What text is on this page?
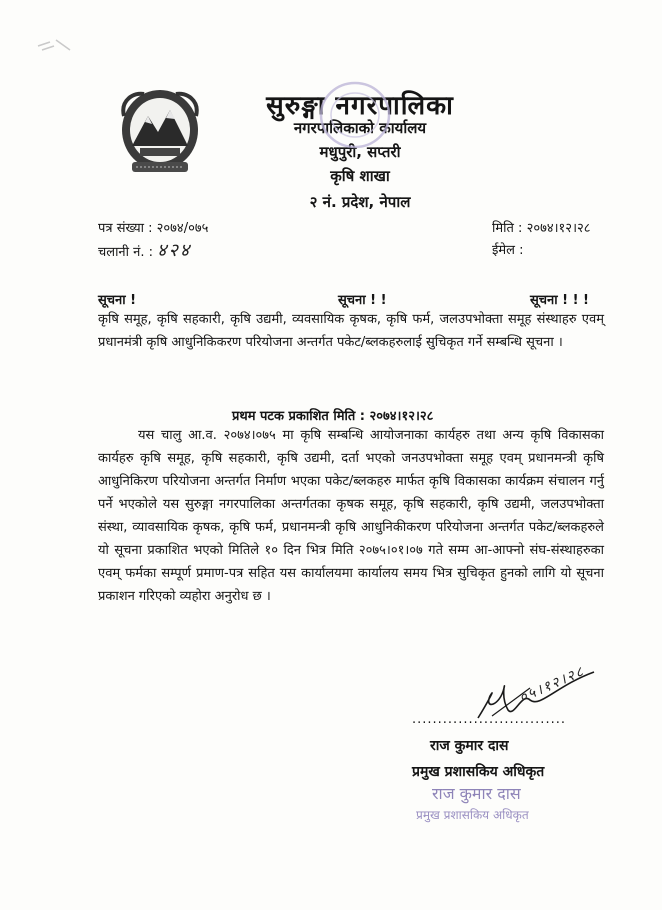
सुरुङ्गा नगरपालिका
नगरपालिकाको कार्यालय
मधुपुरी, सप्तरी
कृषि शाखा
२ नं. प्रदेश, नेपाल
पत्र संख्या : २०७४/०७५
चलानी नं. : ४२४
मिति : २०७४।१२।२८
ईमेल :
सूचना !	सूचना ! !	सूचना ! ! !
कृषि समूह, कृषि सहकारी, कृषि उद्यमी, व्यवसायिक कृषक, कृषि फर्म, जलउपभोक्ता समूह संस्थाहरु एवम् प्रधानमंत्री कृषि आधुनिकिकरण परियोजना अन्तर्गत पकेट/ब्लकहरुलाई सुचिकृत गर्ने सम्बन्धि सूचना ।
प्रथम पटक प्रकाशित मिति : २०७४।१२।२८
यस चालु आ.व. २०७४।०७५ मा कृषि सम्बन्धि आयोजनाका कार्यहरु तथा अन्य कृषि विकासका कार्यहरु कृषि समूह, कृषि सहकारी, कृषि उद्यमी, दर्ता भएको जनउपभोक्ता समूह एवम् प्रधानमन्त्री कृषि आधुनिकिरण परियोजना अन्तर्गत निर्माण भएका पकेट/ब्लकहरु मार्फत कृषि विकासका कार्यक्रम संचालन गर्नु पर्ने भएकोले यस सुरुङ्गा नगरपालिका अन्तर्गतका कृषक समूह, कृषि सहकारी, कृषि उद्यमी, जलउपभोक्ता संस्था, व्यावसायिक कृषक, कृषि फर्म, प्रधानमन्त्री कृषि आधुनिकीकरण परियोजना अन्तर्गत पकेट/ब्लकहरुले यो सूचना प्रकाशित भएको मितिले १० दिन भित्र मिति २०७५।०१।०७ गते सम्म आ-आफ्नो संघ-संस्थाहरुका एवम् फर्मका सम्पूर्ण प्रमाण-पत्र सहित यस कार्यालयमा कार्यालय समय भित्र सुचिकृत हुनको लागि यो सूचना प्रकाशन गरिएको व्यहोरा अनुरोध छ ।
०५।१२।२८
..............................
राज कुमार दास
प्रमुख प्रशासकिय अधिकृत
राज कुमार दास
प्रमुख प्रशासकिय अधिकृत
